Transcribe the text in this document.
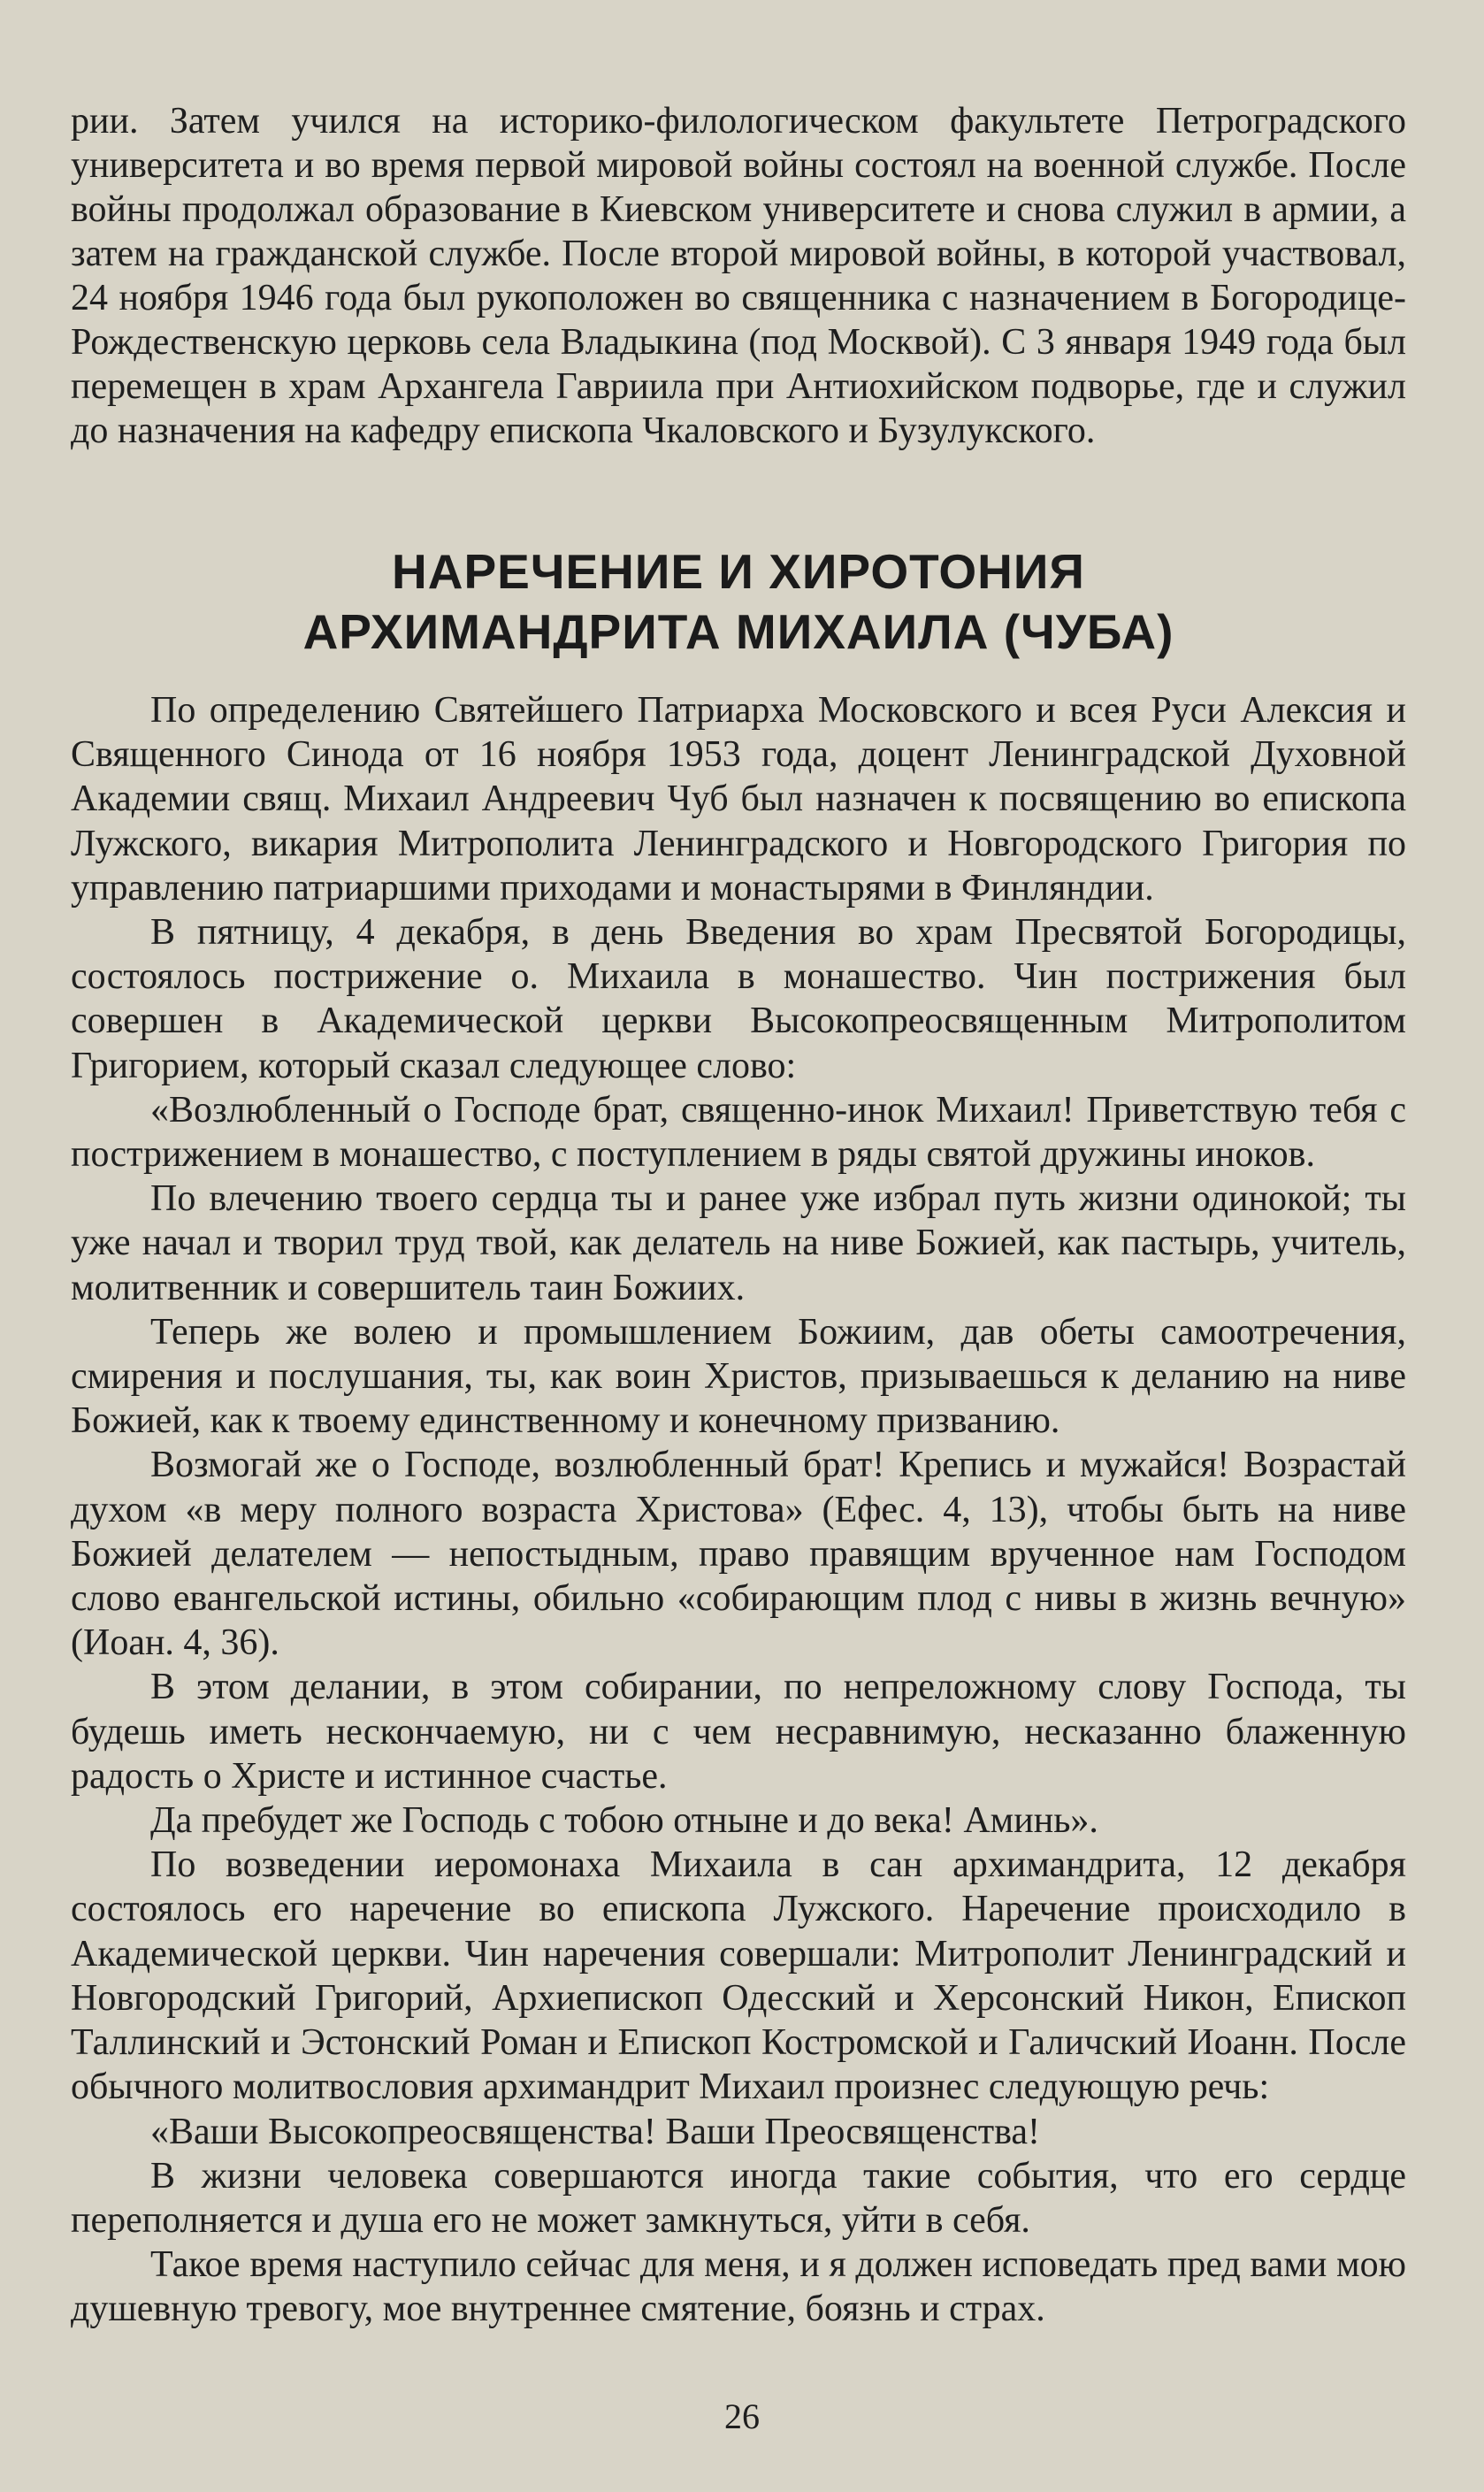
рии. Затем учился на историко-филологическом факультете Петроградского университета и во время первой мировой войны состоял на военной службе. После войны продолжал образование в Киевском университете и снова служил в армии, а затем на гражданской службе. После второй мировой войны, в которой участвовал, 24 ноября 1946 года был рукоположен во священника с назначением в Богородице-Рождественскую церковь села Владыкина (под Москвой). С 3 января 1949 года был перемещен в храм Архангела Гавриила при Антиохийском подворье, где и служил до назначения на кафедру епископа Чкаловского и Бузулукского.

НАРЕЧЕНИЕ И ХИРОТОНИЯ
АРХИМАНДРИТА МИХАИЛА (ЧУБА)

По определению Святейшего Патриарха Московского и всея Руси Алексия и Священного Синода от 16 ноября 1953 года, доцент Ленинградской Духовной Академии свящ. Михаил Андреевич Чуб был назначен к посвящению во епископа Лужского, викария Митрополита Ленинградского и Новгородского Григория по управлению патриаршими приходами и монастырями в Финляндии.

В пятницу, 4 декабря, в день Введения во храм Пресвятой Богородицы, состоялось пострижение о. Михаила в монашество. Чин пострижения был совершен в Академической церкви Высокопреосвященным Митрополитом Григорием, который сказал следующее слово:

«Возлюбленный о Господе брат, священно-инок Михаил! Приветствую тебя с пострижением в монашество, с поступлением в ряды святой дружины иноков.

По влечению твоего сердца ты и ранее уже избрал путь жизни одинокой; ты уже начал и творил труд твой, как делатель на ниве Божией, как пастырь, учитель, молитвенник и совершитель таин Божиих.

Теперь же волею и промышлением Божиим, дав обеты самоотречения, смирения и послушания, ты, как воин Христов, призываешься к деланию на ниве Божией, как к твоему единственному и конечному призванию.

Возмогай же о Господе, возлюбленный брат! Крепись и мужайся! Возрастай духом «в меру полного возраста Христова» (Ефес. 4, 13), чтобы быть на ниве Божией делателем — непостыдным, право правящим врученное нам Господом слово евангельской истины, обильно «собирающим плод с нивы в жизнь вечную» (Иоан. 4, 36).

В этом делании, в этом собирании, по непреложному слову Господа, ты будешь иметь нескончаемую, ни с чем несравнимую, несказанно блаженную радость о Христе и истинное счастье.

Да пребудет же Господь с тобою отныне и до века! Аминь».

По возведении иеромонаха Михаила в сан архимандрита, 12 декабря состоялось его наречение во епископа Лужского. Наречение происходило в Академической церкви. Чин наречения совершали: Митрополит Ленинградский и Новгородский Григорий, Архиепископ Одесский и Херсонский Никон, Епископ Таллинский и Эстонский Роман и Епископ Костромской и Галичский Иоанн. После обычного молитвословия архимандрит Михаил произнес следующую речь:

«Ваши Высокопреосвященства! Ваши Преосвященства!

В жизни человека совершаются иногда такие события, что его сердце переполняется и душа его не может замкнуться, уйти в себя.

Такое время наступило сейчас для меня, и я должен исповедать пред вами мою душевную тревогу, мое внутреннее смятение, боязнь и страх.

26
